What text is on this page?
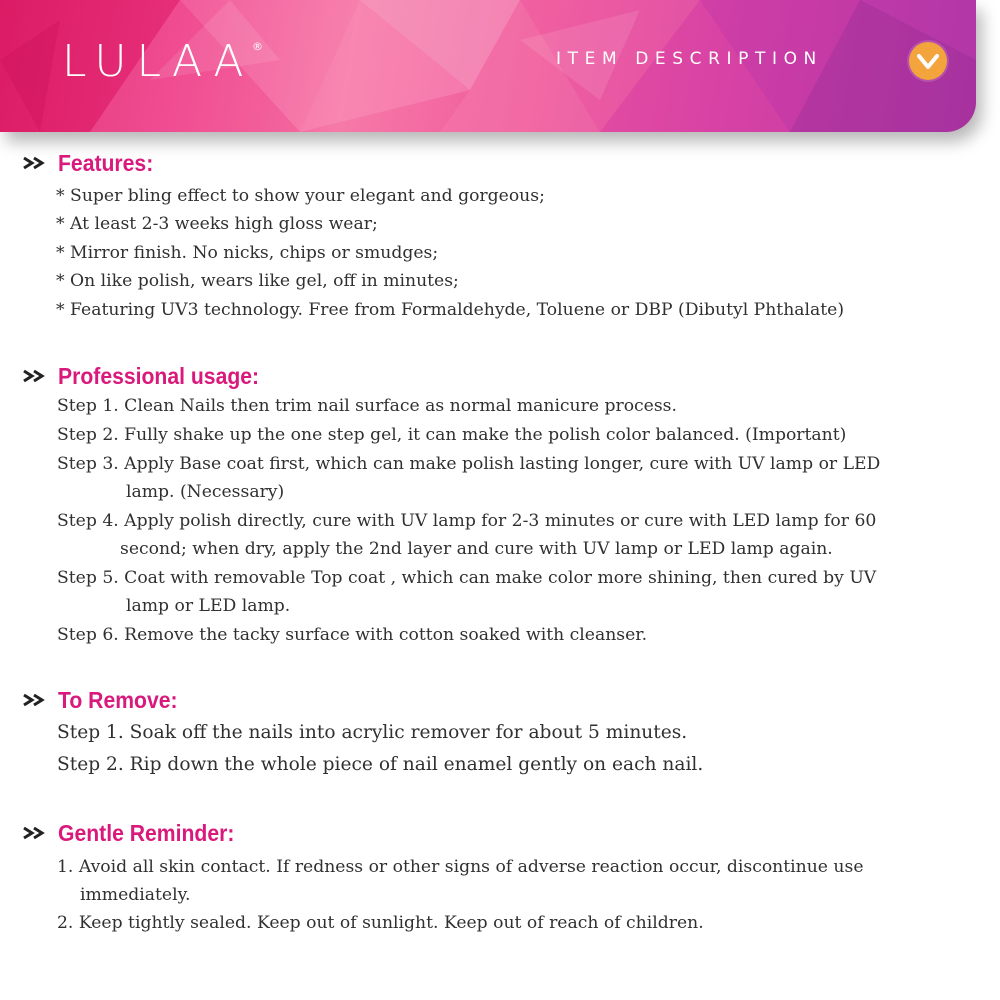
LULAA
®
ITEM DESCRIPTION
Features:
* Super bling effect to show your elegant and gorgeous;
* At least 2-3 weeks high gloss wear;
* Mirror finish. No nicks, chips or smudges;
* On like polish, wears like gel, off in minutes;
* Featuring UV3 technology. Free from Formaldehyde, Toluene or DBP (Dibutyl Phthalate)
Professional usage:
Step 1. Clean Nails then trim nail surface as normal manicure process.
Step 2. Fully shake up the one step gel, it can make the polish color balanced. (Important)
Step 3. Apply Base coat first, which can make polish lasting longer, cure with UV lamp or LED
lamp. (Necessary)
Step 4. Apply polish directly, cure with UV lamp for 2-3 minutes or cure with LED lamp for 60
second; when dry, apply the 2nd layer and cure with UV lamp or LED lamp again.
Step 5. Coat with removable Top coat , which can make color more shining, then cured by UV
lamp or LED lamp.
Step 6. Remove the tacky surface with cotton soaked with cleanser.
To Remove:
Step 1. Soak off the nails into acrylic remover for about 5 minutes.
Step 2. Rip down the whole piece of nail enamel gently on each nail.
Gentle Reminder:
1. Avoid all skin contact. If redness or other signs of adverse reaction occur, discontinue use
immediately.
2. Keep tightly sealed. Keep out of sunlight. Keep out of reach of children.
